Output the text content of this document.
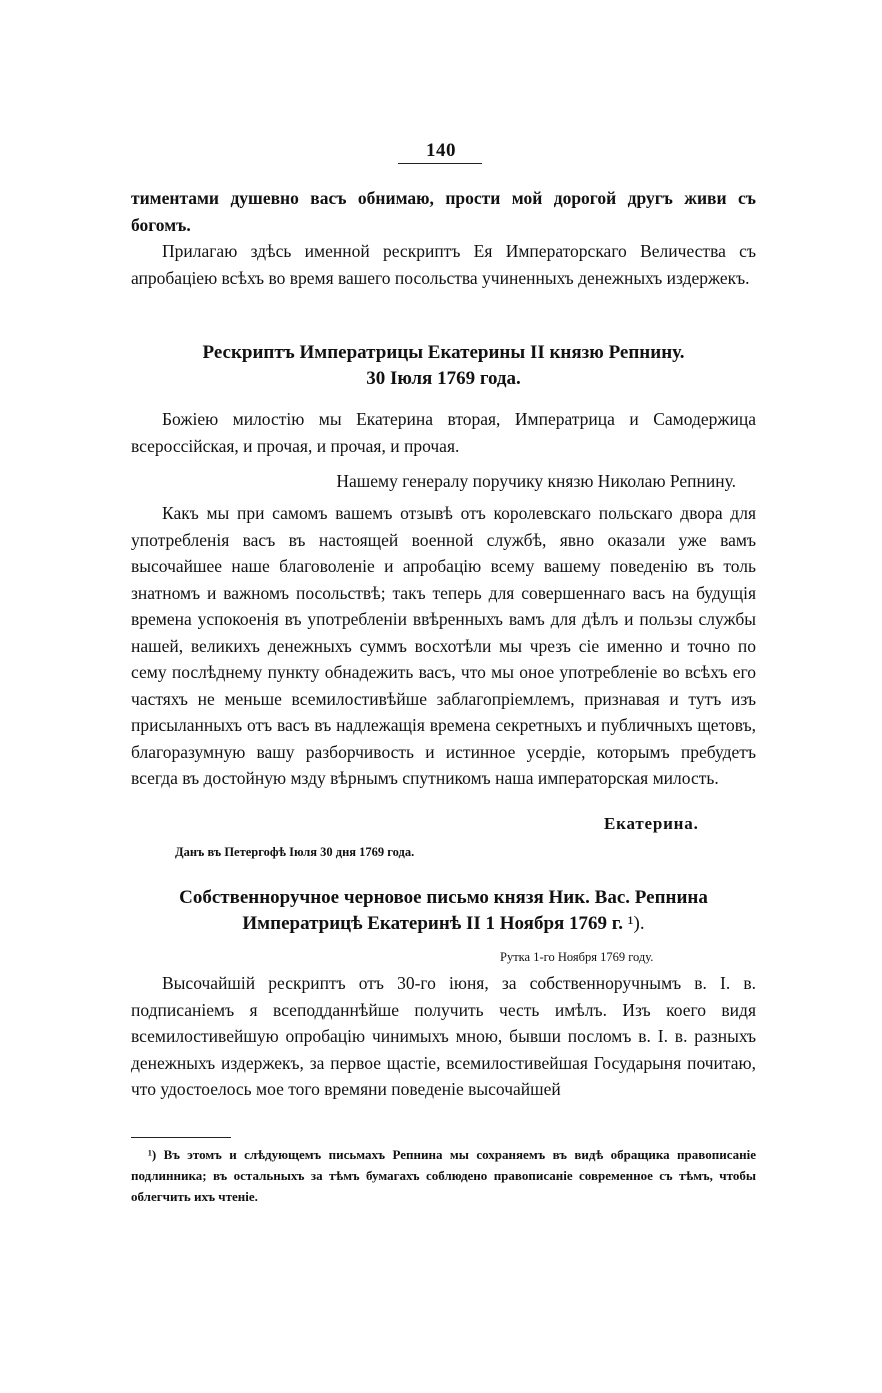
140

тиментами душевно васъ обнимаю, прости мой дорогой другъ живи съ богомъ.

Прилагаю здѣсь именной рескриптъ Ея Императорскаго Величества съ апробацiею всѣхъ во время вашего посольства учиненныхъ денежныхъ издержекъ.

Рескриптъ Императрицы Екатерины II князю Репнину.
30 Іюля 1769 года.

Божiею милостiю мы Екатерина вторая, Императрица и Самодержица всероссiйская, и прочая, и прочая, и прочая.

Нашему генералу поручику князю Николаю Репнину.

Какъ мы при самомъ вашемъ отзывѣ отъ королевскаго польскаго двора для употребленiя васъ въ настоящей военной службѣ, явно оказали уже вамъ высочайшее наше благоволенiе и апробацiю всему вашему поведенiю въ толь знатномъ и важномъ посольствѣ; такъ теперь для совершеннаго васъ на будущiя времена успокоенiя въ употребленiи ввѣренныхъ вамъ для дѣлъ и пользы службы нашей, великихъ денежныхъ суммъ восхотѣли мы чрезъ сiе именно и точно по сему послѣднему пункту обнадежить васъ, что мы оное употребленiе во всѣхъ его частяхъ не меньше всемилостивѣйше заблагопрiемлемъ, признавая и тутъ изъ присыланныхъ отъ васъ въ надлежащiя времена секретныхъ и публичныхъ щетовъ, благоразумную вашу разборчивость и истинное усердiе, которымъ пребудетъ всегда въ достойную мзду вѣрнымъ спутникомъ наша императорская милость.

Екатерина.
Данъ въ Петергофѣ Іюля 30 дня 1769 года.
Собственноручное черновое письмо князя Ник. Вас. Репнина
Императрицѣ Екатеринѣ II 1 Ноября 1769 г. ¹).
Рутка 1-го Ноября 1769 году.

Высочайшiй рескриптъ отъ 30-го iюня, за собственноручнымъ в. I. в. подписанiемъ я всеподданнѣйше получить честь имѣлъ. Изъ коего видя всемилостивейшую опробацiю чинимыхъ мною, бывши посломъ в. I. в. разныхъ денежныхъ издержекъ, за первое щастiе, всемилостивейшая Государыня почитаю, что удостоелось мое того времяни поведенiе высочайшей

¹) Въ этомъ и слѣдующемъ письмахъ Репнина мы сохраняемъ въ видѣ обращика правописанiе подлинника; въ остальныхъ за тѣмъ бумагахъ соблюдено правописанiе современное съ тѣмъ, чтобы облегчить ихъ чтенiе.
